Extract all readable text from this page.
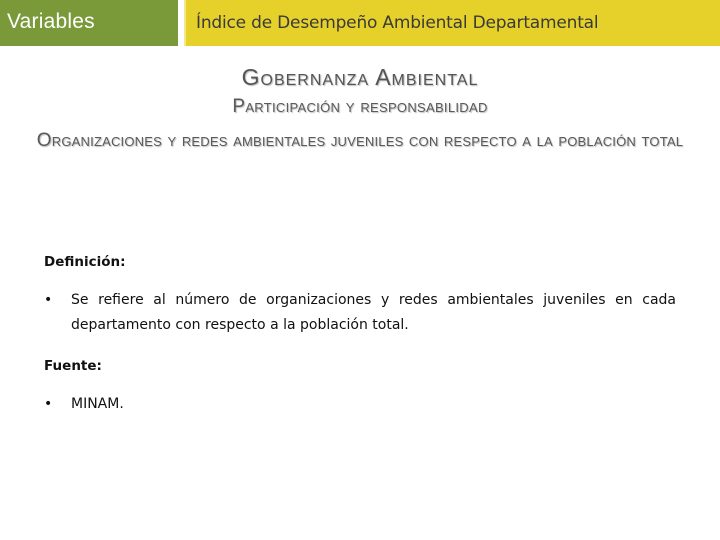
Variables	Índice de Desempeño Ambiental Departamental
Gobernanza Ambiental
Participación y responsabilidad
Organizaciones y redes ambientales juveniles con respecto a la población total

Definición:

• Se refiere al número de organizaciones y redes ambientales juveniles en cada departamento con respecto a la población total.

Fuente:

• MINAM.
